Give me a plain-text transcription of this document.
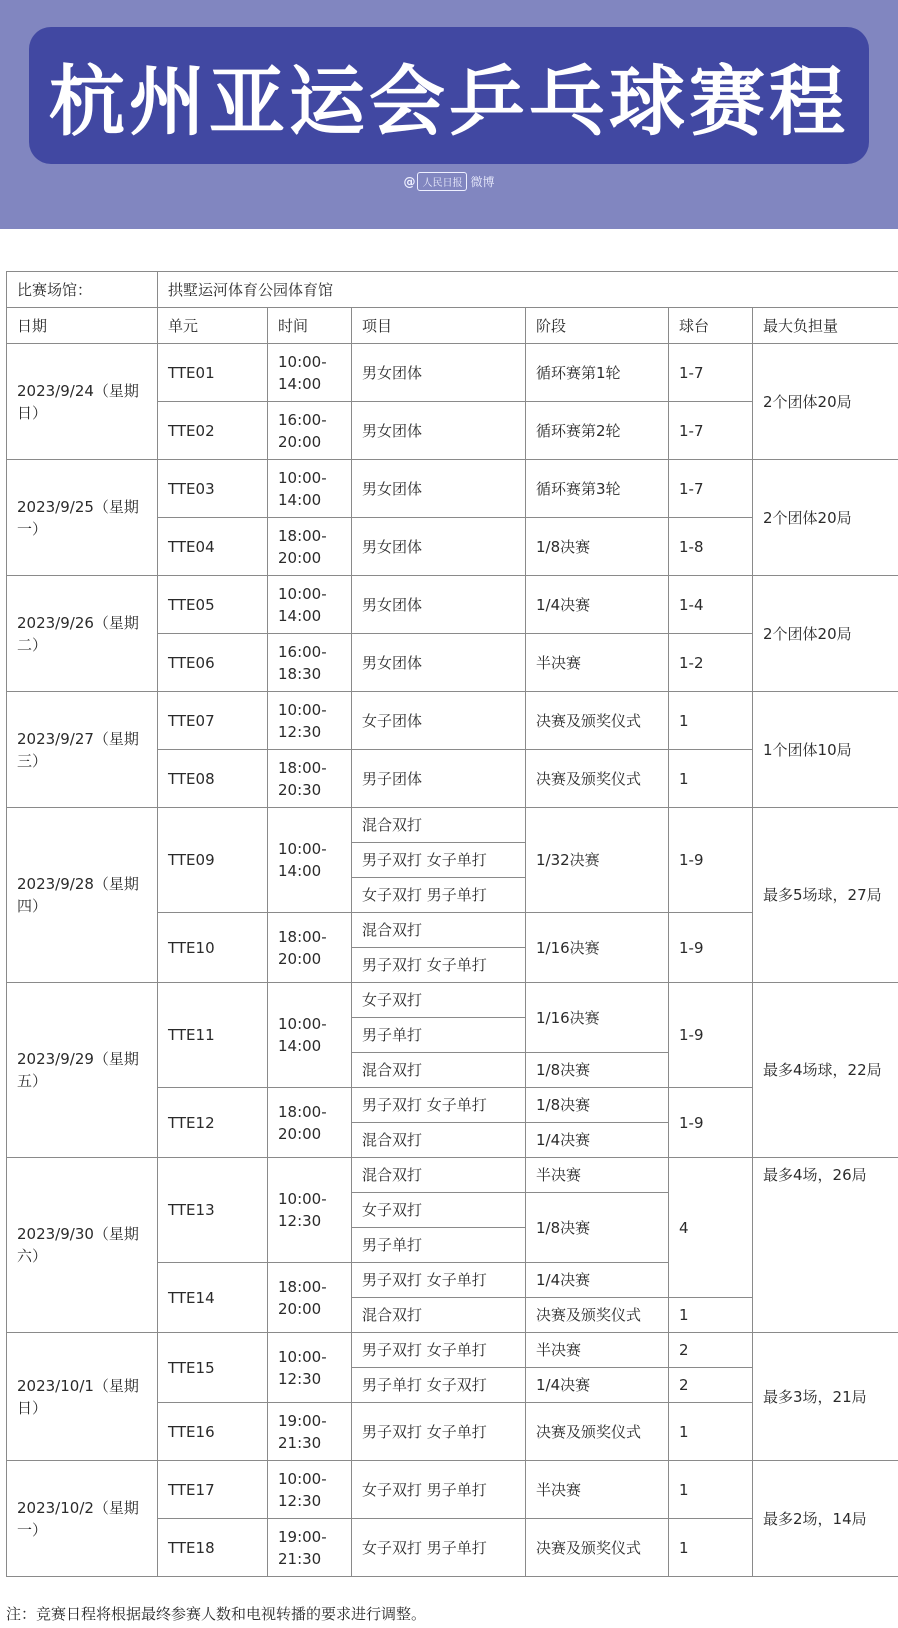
杭州亚运会乒乓球赛程
@ 人民日报 微博
比赛场馆：	拱墅运河体育公园体育馆					
日期	单元	时间	项目	阶段	球台	最大负担量
2023/9/24（星期日）	TTE01	10:00-14:00	男女团体	循环赛第1轮	1-7	2个团体20局
	TTE02	16:00-20:00	男女团体	循环赛第2轮	1-7	
2023/9/25（星期一）	TTE03	10:00-14:00	男女团体	循环赛第3轮	1-7	2个团体20局
	TTE04	18:00-20:00	男女团体	1/8决赛	1-8	
2023/9/26（星期二）	TTE05	10:00-14:00	男女团体	1/4决赛	1-4	2个团体20局
	TTE06	16:00-18:30	男女团体	半决赛	1-2	
2023/9/27（星期三）	TTE07	10:00-12:30	女子团体	决赛及颁奖仪式	1	1个团体10局
	TTE08	18:00-20:30	男子团体	决赛及颁奖仪式	1	
2023/9/28（星期四）	TTE09	10:00-14:00	混合双打	1/32决赛	1-9	最多5场球，27局
			男子双打 女子单打			
			女子双打 男子单打			
	TTE10	18:00-20:00	混合双打	1/16决赛	1-9	
			男子双打 女子单打			
2023/9/29（星期五）	TTE11	10:00-14:00	女子双打	1/16决赛	1-9	最多4场球，22局
			男子单打			
			混合双打	1/8决赛		
	TTE12	18:00-20:00	男子双打 女子单打	1/8决赛	1-9	
			混合双打	1/4决赛		
2023/9/30（星期六）	TTE13	10:00-12:30	混合双打	半决赛	4	最多4场，26局
			女子双打	1/8决赛		
			男子单打			
	TTE14	18:00-20:00	男子双打 女子单打	1/4决赛		
			混合双打	决赛及颁奖仪式	1	
2023/10/1（星期日）	TTE15	10:00-12:30	男子双打 女子单打	半决赛	2	最多3场，21局
			男子单打 女子双打	1/4决赛	2	
	TTE16	19:00-21:30	男子双打 女子单打	决赛及颁奖仪式	1	
2023/10/2（星期一）	TTE17	10:00-12:30	女子双打 男子单打	半决赛	1	最多2场，14局
	TTE18	19:00-21:30	女子双打 男子单打	决赛及颁奖仪式	1	
注：竞赛日程将根据最终参赛人数和电视转播的要求进行调整。
